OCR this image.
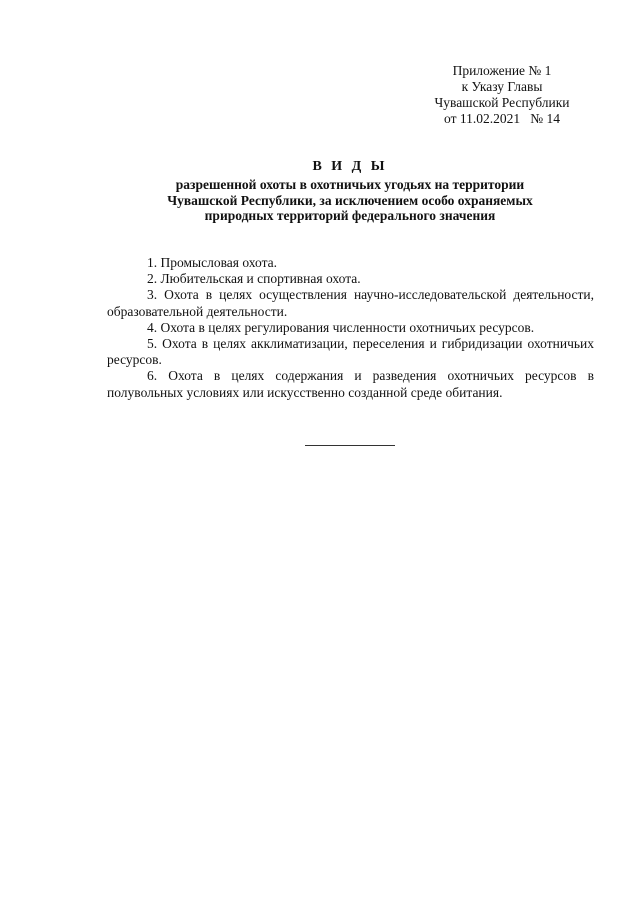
Приложение № 1
к Указу Главы
Чувашской Республики
от 11.02.2021   № 14
В И Д Ы
разрешенной охоты в охотничьих угодьях на территории
Чувашской Республики, за исключением особо охраняемых
природных территорий федерального значения

1. Промысловая охота.

2. Любительская и спортивная охота.

3. Охота в целях осуществления научно-исследовательской деятельности, образовательной деятельности.

4. Охота в целях регулирования численности охотничьих ресурсов.

5. Охота в целях акклиматизации, переселения и гибридизации охотничьих ресурсов.

6. Охота в целях содержания и разведения охотничьих ресурсов в полувольных условиях или искусственно созданной среде обитания.
